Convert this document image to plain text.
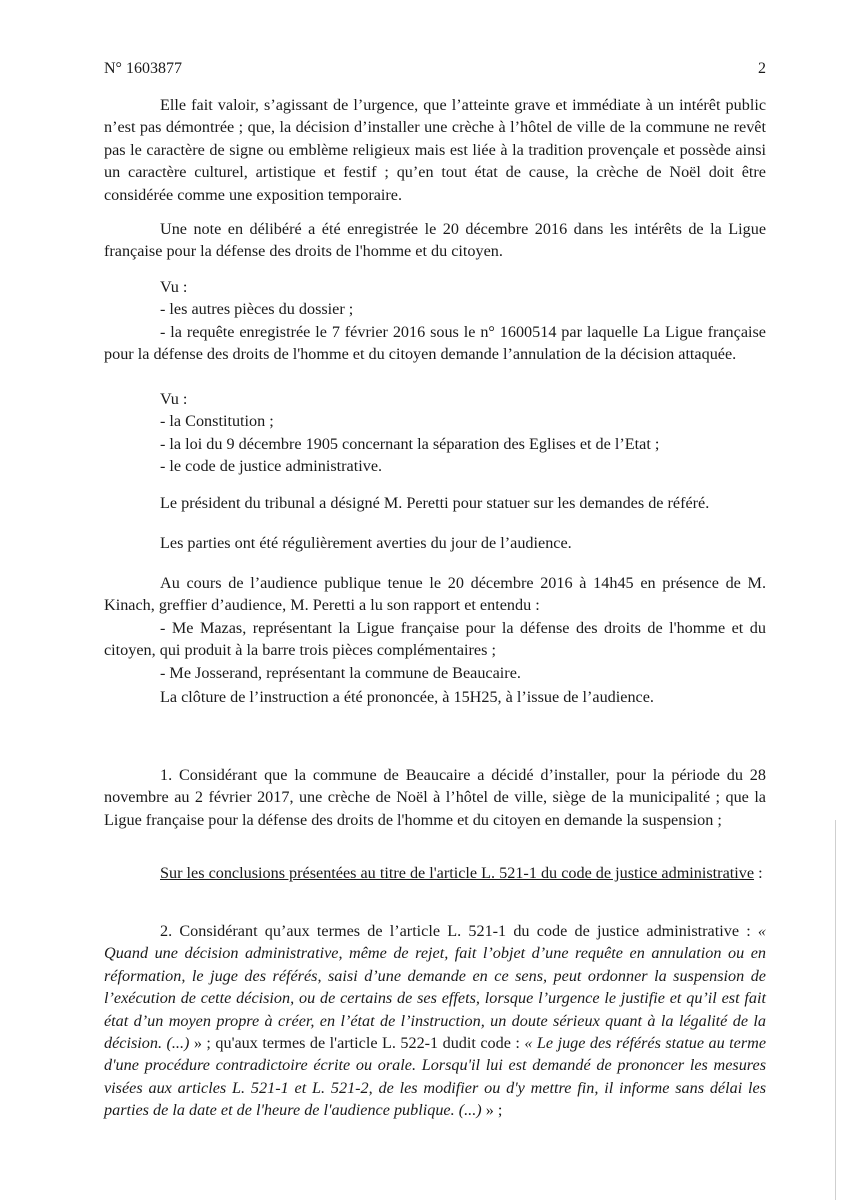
N° 1603877	2

Elle fait valoir, s’agissant de l’urgence, que l’atteinte grave et immédiate à un intérêt public n’est pas démontrée ; que, la décision d’installer une crèche à l’hôtel de ville de la commune ne revêt pas le caractère de signe ou emblème religieux mais est liée à la tradition provençale et possède ainsi un caractère culturel, artistique et festif ; qu’en tout état de cause, la crèche de Noël doit être considérée comme une exposition temporaire.

Une note en délibéré a été enregistrée le 20 décembre 2016 dans les intérêts de la Ligue française pour la défense des droits de l'homme et du citoyen.

Vu :
- les autres pièces du dossier ;
- la requête enregistrée le 7 février 2016 sous le n° 1600514 par laquelle La Ligue française pour la défense des droits de l'homme et du citoyen demande l’annulation de la décision attaquée.
Vu :
- la Constitution ;
- la loi du 9 décembre 1905 concernant la séparation des Eglises et de l’Etat ;
- le code de justice administrative.

Le président du tribunal a désigné M. Peretti pour statuer sur les demandes de référé.

Les parties ont été régulièrement averties du jour de l’audience.

Au cours de l’audience publique tenue le 20 décembre 2016 à 14h45 en présence de M. Kinach, greffier d’audience, M. Peretti a lu son rapport et entendu :

- Me Mazas, représentant la Ligue française pour la défense des droits de l'homme et du citoyen, qui produit à la barre trois pièces complémentaires ;
- Me Josserand, représentant la commune de Beaucaire.

La clôture de l’instruction a été prononcée, à 15H25, à l’issue de l’audience.

1. Considérant que la commune de Beaucaire a décidé d’installer, pour la période du 28 novembre au 2 février 2017, une crèche de Noël à l’hôtel de ville, siège de la municipalité ; que la Ligue française pour la défense des droits de l'homme et du citoyen en demande la suspension ;

Sur les conclusions présentées au titre de l'article L. 521-1 du code de justice administrative :

2. Considérant qu’aux termes de l’article L. 521-1 du code de justice administrative : « Quand une décision administrative, même de rejet, fait l’objet d’une requête en annulation ou en réformation, le juge des référés, saisi d’une demande en ce sens, peut ordonner la suspension de l’exécution de cette décision, ou de certains de ses effets, lorsque l’urgence le justifie et qu’il est fait état d’un moyen propre à créer, en l’état de l’instruction, un doute sérieux quant à la légalité de la décision. (...) » ; qu'aux termes de l'article L. 522-1 dudit code : « Le juge des référés statue au terme d'une procédure contradictoire écrite ou orale. Lorsqu'il lui est demandé de prononcer les mesures visées aux articles L. 521-1 et L. 521-2, de les modifier ou d'y mettre fin, il informe sans délai les parties de la date et de l'heure de l'audience publique. (...) » ;
